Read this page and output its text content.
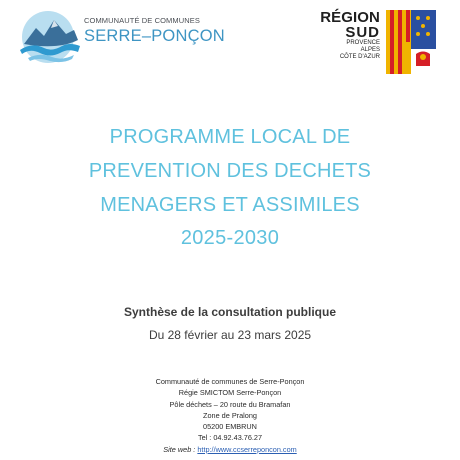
COMMUNAUTÉ DE COMMUNES
SERRE–PONÇON
RÉGION
SUD
PROVENCE
ALPES
CÔTE D'AZUR
PROGRAMME LOCAL DE
PREVENTION DES DECHETS
MENAGERS ET ASSIMILES
2025-2030
Synthèse de la consultation publique
Du 28 février au 23 mars 2025
Communauté de communes de Serre-Ponçon
Régie SMICTOM Serre-Ponçon
Pôle déchets – 20 route du Bramafan
Zone de Pralong
05200 EMBRUN
Tel : 04.92.43.76.27
Site web : http://www.ccserreponcon.com
